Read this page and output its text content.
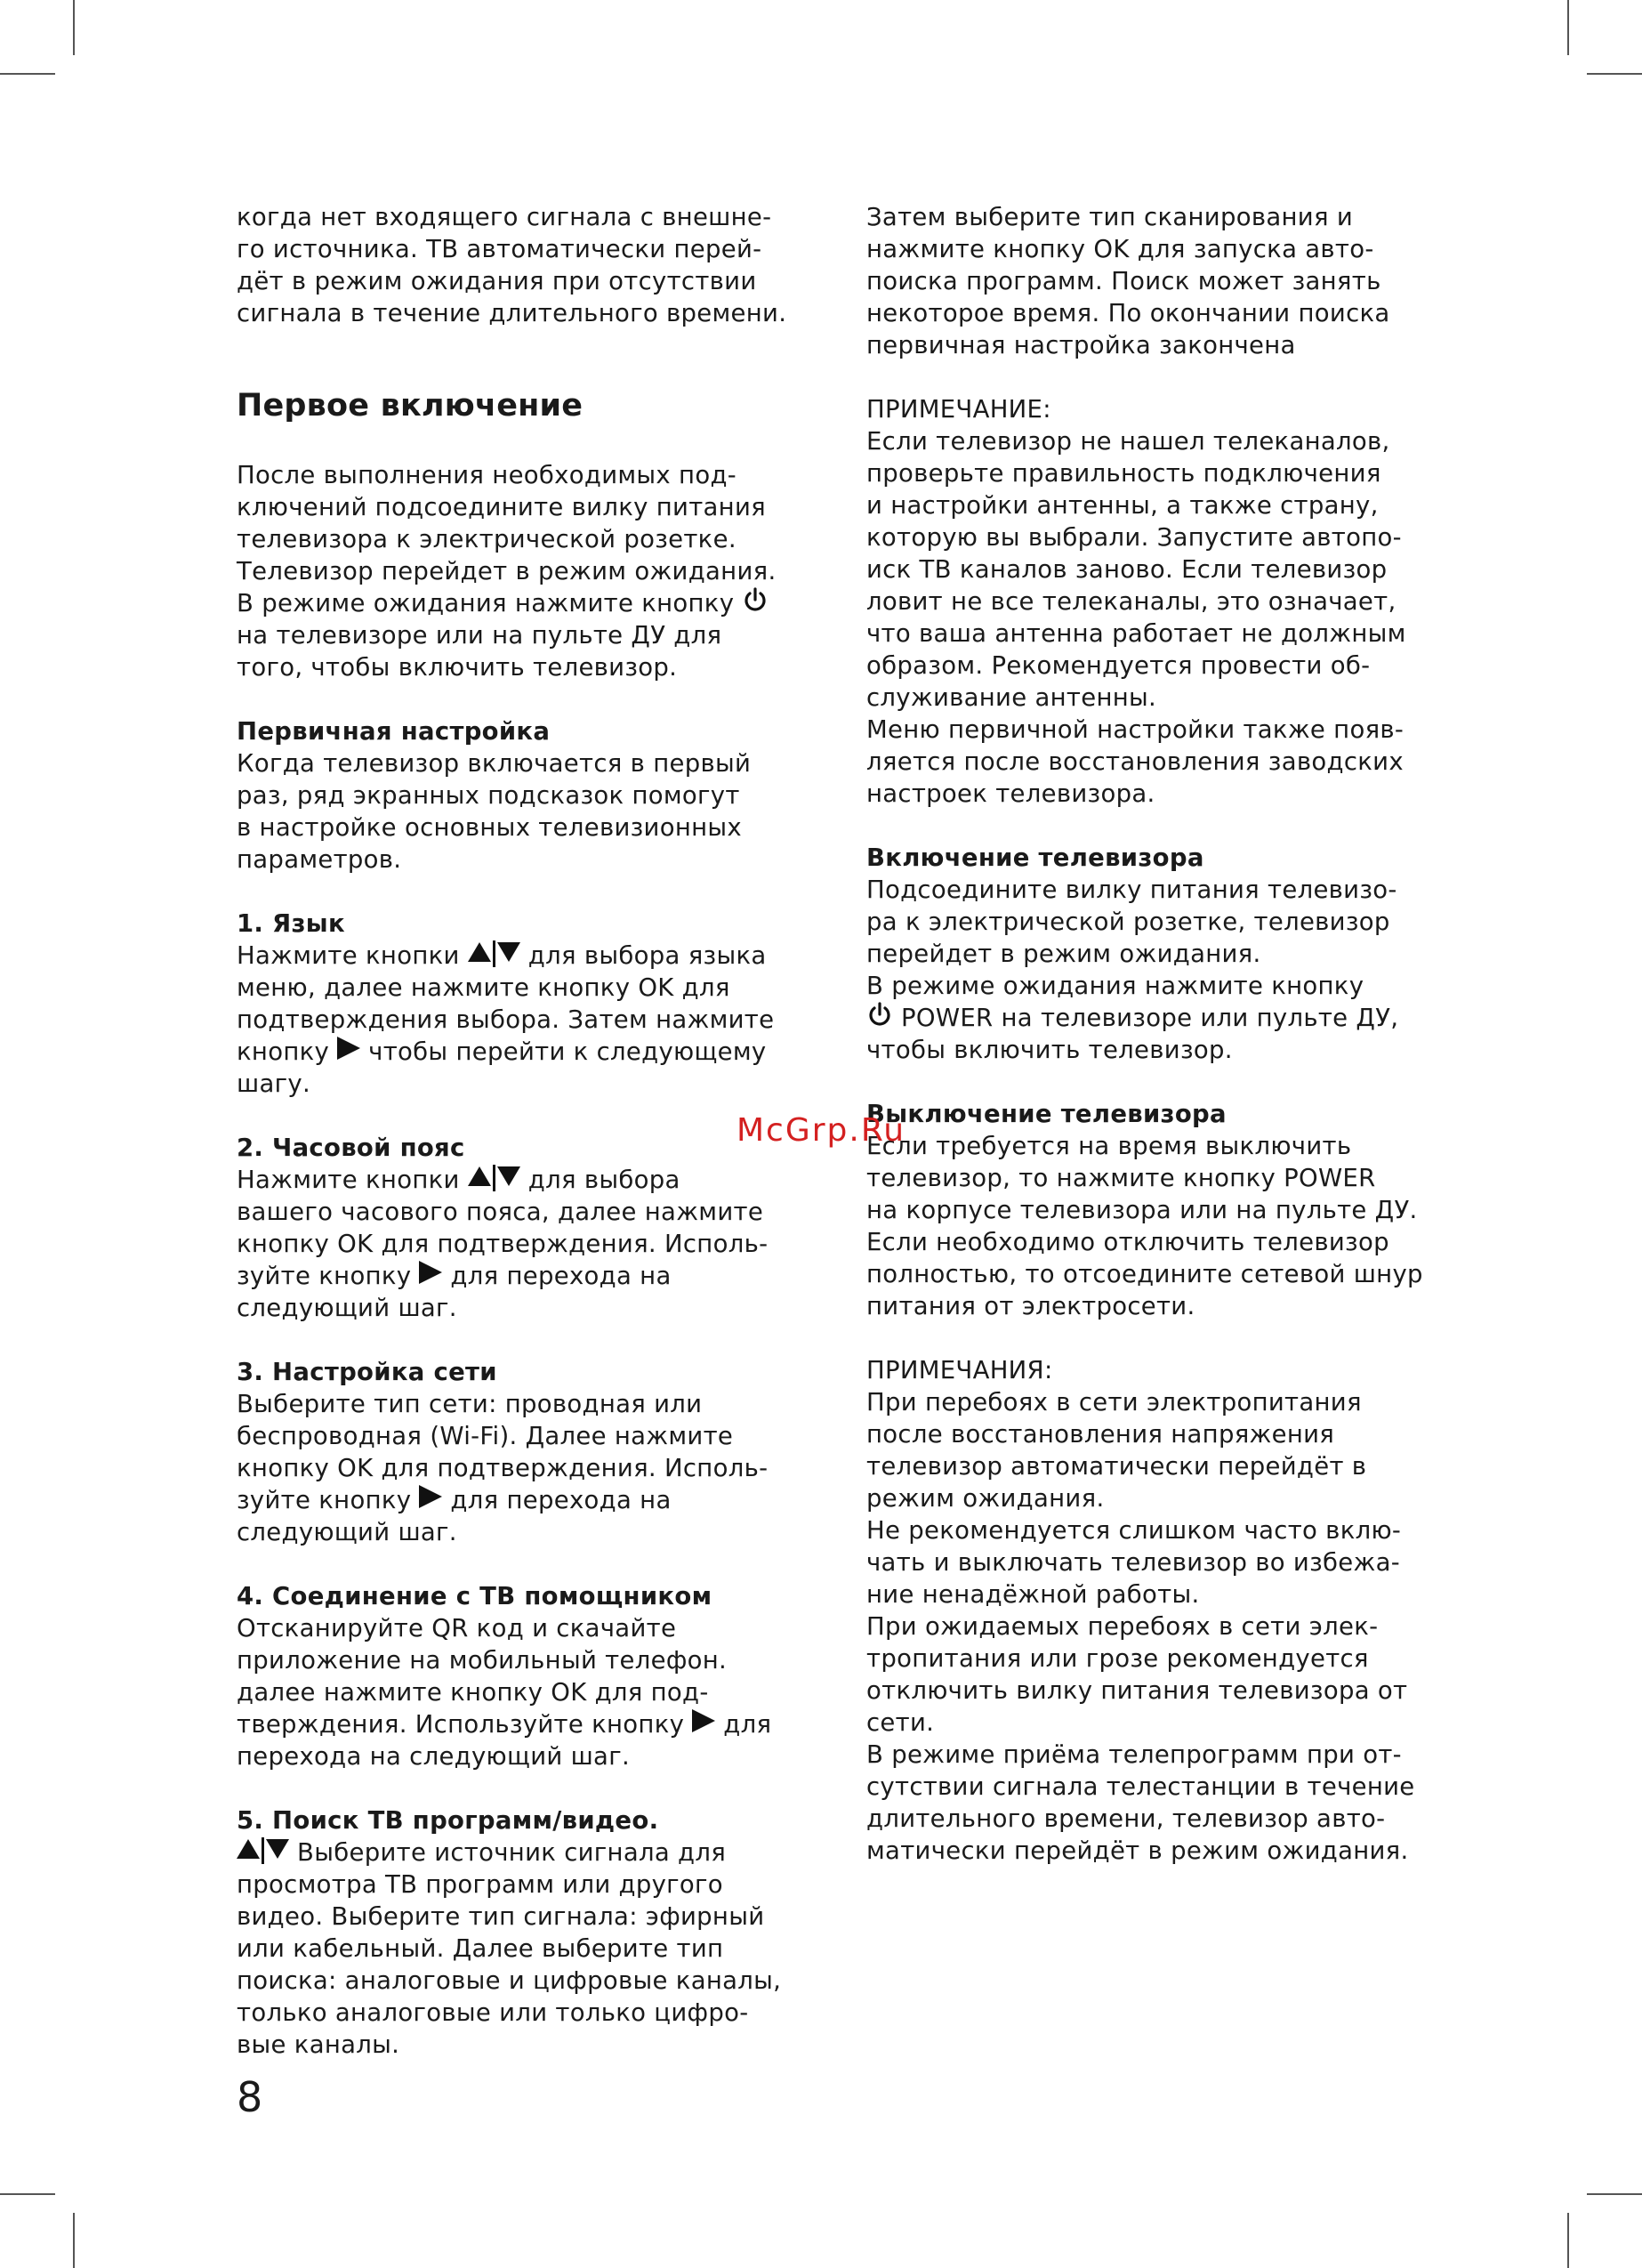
когда нет входящего сигнала с внешне-
го источника. ТВ автоматически перей-
дёт в режим ожидания при отсутствии
сигнала в течение длительного времени.
Первое включение
После выполнения необходимых под-
ключений подсоедините вилку питания
телевизора к электрической розетке.
Телевизор перейдет в режим ожидания.
В режиме ожидания нажмите кнопку
на телевизоре или на пульте ДУ для
того, чтобы включить телевизор.
Первичная настройка
Когда телевизор включается в первый
раз, ряд экранных подсказок помогут
в настройке основных телевизионных
параметров.
1. Язык
Нажмите кнопки  для выбора языка
меню, далее нажмите кнопку OK для
подтверждения выбора. Затем нажмите
кнопку  чтобы перейти к следующему
шагу.
2. Часовой пояс
Нажмите кнопки  для выбора
вашего часового пояса, далее нажмите
кнопку OK для подтверждения. Исполь-
зуйте кнопку  для перехода на
следующий шаг.
3. Настройка сети
Выберите тип сети: проводная или
беспроводная (Wi-Fi). Далее нажмите
кнопку OK для подтверждения. Исполь-
зуйте кнопку  для перехода на
следующий шаг.
4. Соединение с ТВ помощником
Отсканируйте QR код и скачайте
приложение на мобильный телефон.
далее нажмите кнопку OK для под-
тверждения. Используйте кнопку  для
перехода на следующий шаг.
5. Поиск ТВ программ/видео.
Выберите источник сигнала для
просмотра ТВ программ или другого
видео. Выберите тип сигнала: эфирный
или кабельный. Далее выберите тип
поиска: аналоговые и цифровые каналы,
только аналоговые или только цифро-
вые каналы.
Затем выберите тип сканирования и
нажмите кнопку OK для запуска авто-
поиска программ. Поиск может занять
некоторое время. По окончании поиска
первичная настройка закончена
ПРИМЕЧАНИЕ:
Если телевизор не нашел телеканалов,
проверьте правильность подключения
и настройки антенны, а также страну,
которую вы выбрали. Запустите автопо-
иск ТВ каналов заново. Если телевизор
ловит не все телеканалы, это означает,
что ваша антенна работает не должным
образом. Рекомендуется провести об-
служивание антенны.
Меню первичной настройки также появ-
ляется после восстановления заводских
настроек телевизора.
Включение телевизора
Подсоедините вилку питания телевизо-
ра к электрической розетке, телевизор
перейдет в режим ожидания.
В режиме ожидания нажмите кнопку
POWER на телевизоре или пульте ДУ,
чтобы включить телевизор.
Выключение телевизора
Если требуется на время выключить
телевизор, то нажмите кнопку POWER
на корпусе телевизора или на пульте ДУ.
Если необходимо отключить телевизор
полностью, то отсоедините сетевой шнур
питания от электросети.
ПРИМЕЧАНИЯ:
При перебоях в сети электропитания
после восстановления напряжения
телевизор автоматически перейдёт в
режим ожидания.
Не рекомендуется слишком часто вклю-
чать и выключать телевизор во избежа-
ние ненадёжной работы.
При ожидаемых перебоях в сети элек-
тропитания или грозе рекомендуется
отключить вилку питания телевизора от
сети.
В режиме приёма телепрограмм при от-
сутствии сигнала телестанции в течение
длительного времени, телевизор авто-
матически перейдёт в режим ожидания.
McGrp.Ru
8
